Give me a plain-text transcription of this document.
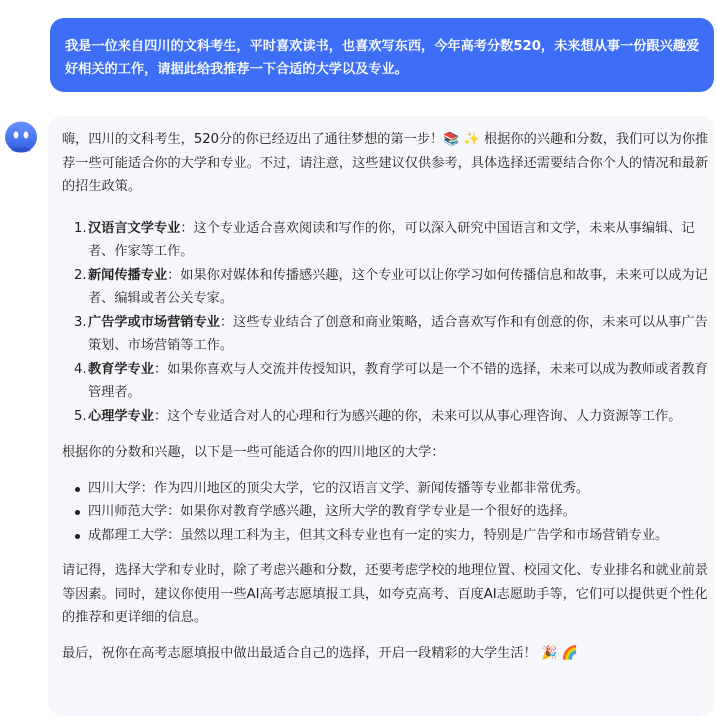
我是一位来自四川的文科考生，平时喜欢读书，也喜欢写东西，今年高考分数520，未来想从事一份跟兴趣爱好相关的工作，请据此给我推荐一下合适的大学以及专业。

嗨，四川的文科考生，520分的你已经迈出了通往梦想的第一步！📚 ✨ 根据你的兴趣和分数，我们可以为你推荐一些可能适合你的大学和专业。不过，请注意，这些建议仅供参考，具体选择还需要结合你个人的情况和最新的招生政策。

1. 汉语言文学专业：这个专业适合喜欢阅读和写作的你，可以深入研究中国语言和文学，未来从事编辑、记者、作家等工作。
2. 新闻传播专业：如果你对媒体和传播感兴趣，这个专业可以让你学习如何传播信息和故事，未来可以成为记者、编辑或者公关专家。
3. 广告学或市场营销专业：这些专业结合了创意和商业策略，适合喜欢写作和有创意的你，未来可以从事广告策划、市场营销等工作。
4. 教育学专业：如果你喜欢与人交流并传授知识，教育学可以是一个不错的选择，未来可以成为教师或者教育管理者。
5. 心理学专业：这个专业适合对人的心理和行为感兴趣的你，未来可以从事心理咨询、人力资源等工作。

根据你的分数和兴趣，以下是一些可能适合你的四川地区的大学：

四川大学：作为四川地区的顶尖大学，它的汉语言文学、新闻传播等专业都非常优秀。
四川师范大学：如果你对教育学感兴趣，这所大学的教育学专业是一个很好的选择。
成都理工大学：虽然以理工科为主，但其文科专业也有一定的实力，特别是广告学和市场营销专业。

请记得，选择大学和专业时，除了考虑兴趣和分数，还要考虑学校的地理位置、校园文化、专业排名和就业前景等因素。同时，建议你使用一些AI高考志愿填报工具，如夸克高考、百度AI志愿助手等，它们可以提供更个性化的推荐和更详细的信息。

最后，祝你在高考志愿填报中做出最适合自己的选择，开启一段精彩的大学生活！ 🎉 🌈
